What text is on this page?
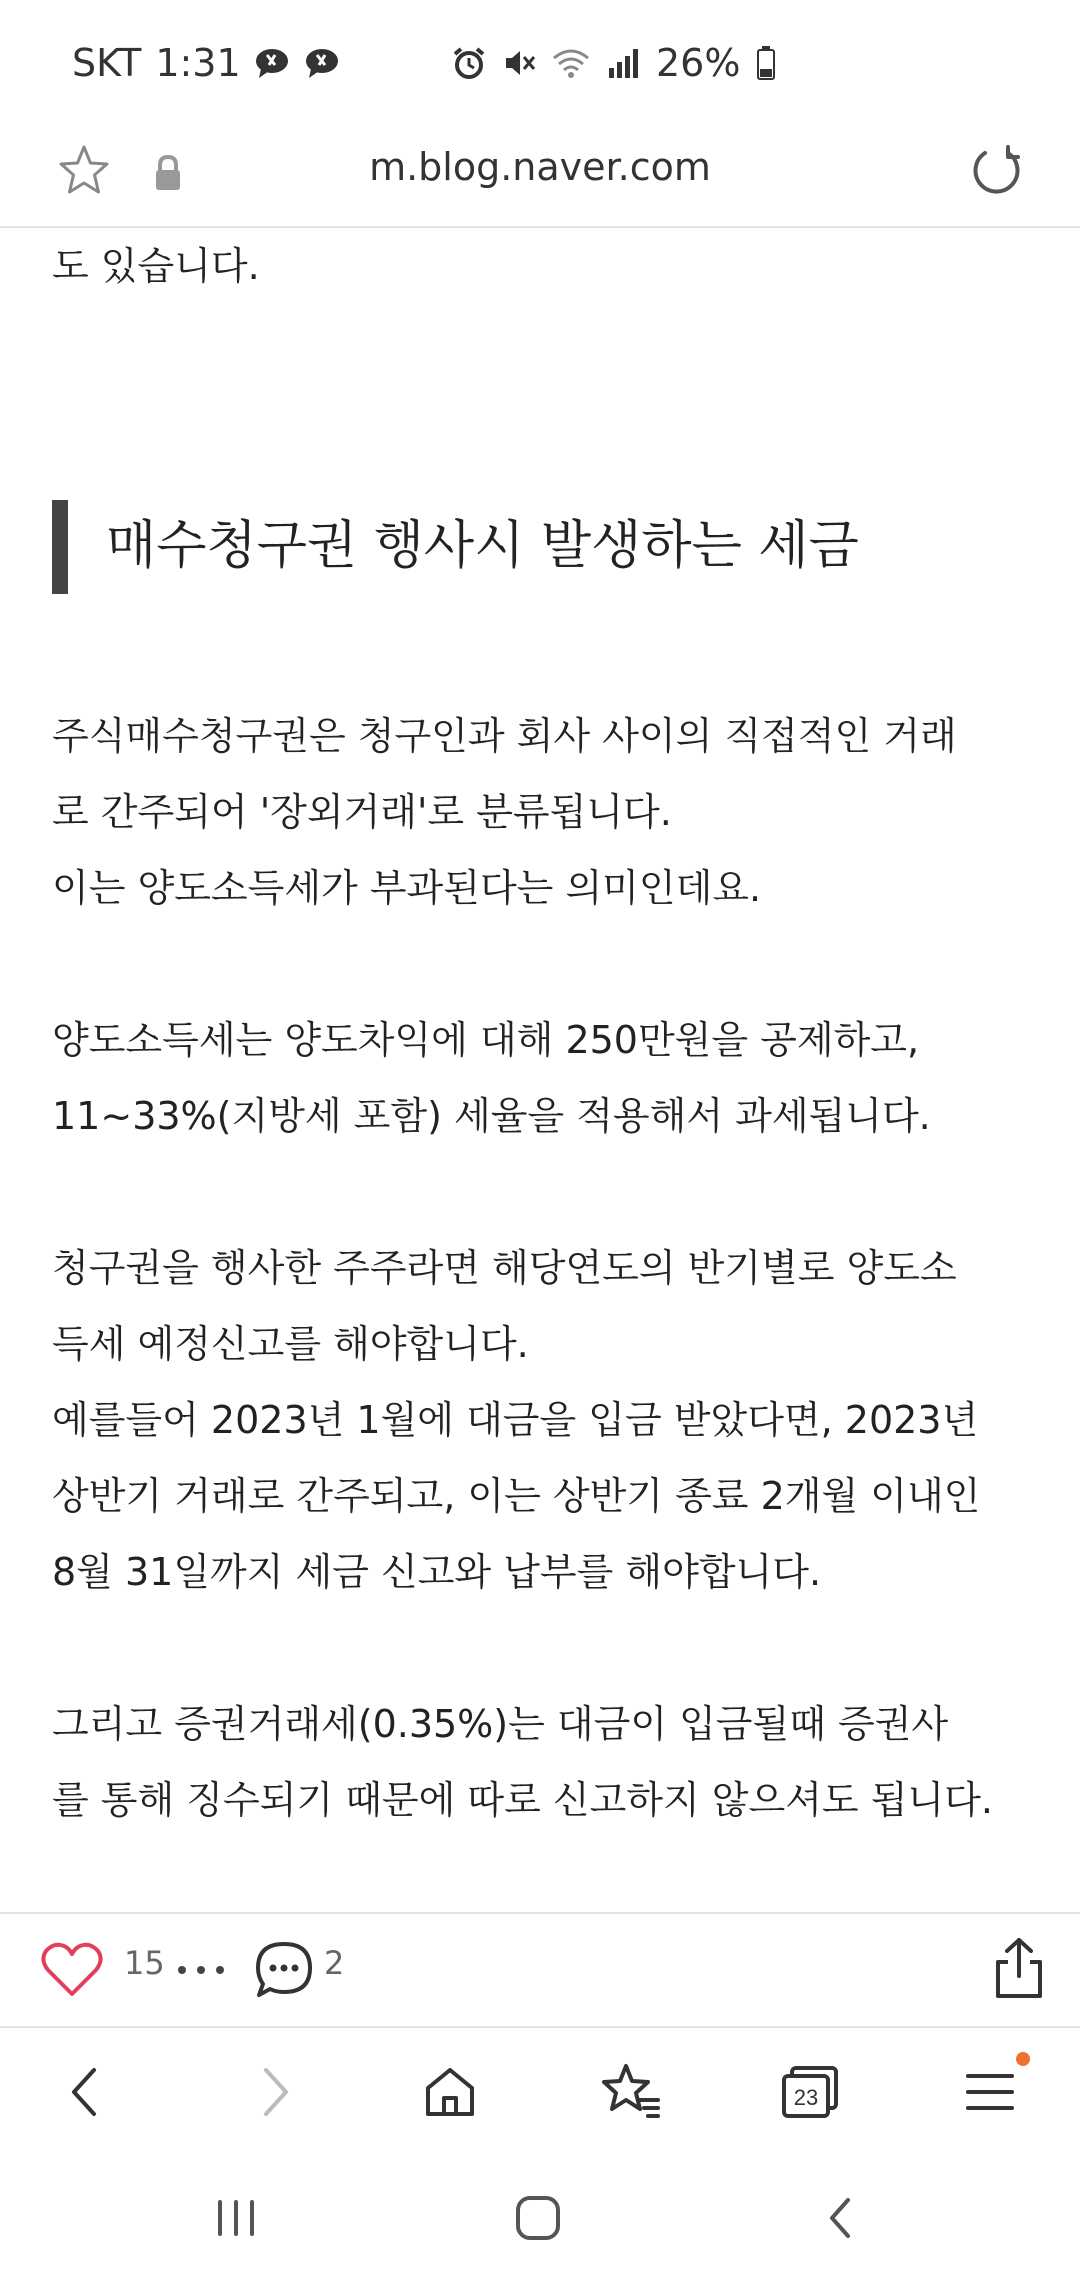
SKT 1:31	26%
m.blog.naver.com
도 있습니다.
매수청구권 행사시 발생하는 세금
주식매수청구권은 청구인과 회사 사이의 직접적인 거래
로 간주되어 '장외거래'로 분류됩니다.
이는 양도소득세가 부과된다는 의미인데요.
양도소득세는 양도차익에 대해 250만원을 공제하고,
11~33%(지방세 포함) 세율을 적용해서 과세됩니다.
청구권을 행사한 주주라면 해당연도의 반기별로 양도소
득세 예정신고를 해야합니다.
예를들어 2023년 1월에 대금을 입금 받았다면, 2023년
상반기 거래로 간주되고, 이는 상반기 종료 2개월 이내인
8월 31일까지 세금 신고와 납부를 해야합니다.
그리고 증권거래세(0.35%)는 대금이 입금될때 증권사
를 통해 징수되기 때문에 따로 신고하지 않으셔도 됩니다.
15	2
23
